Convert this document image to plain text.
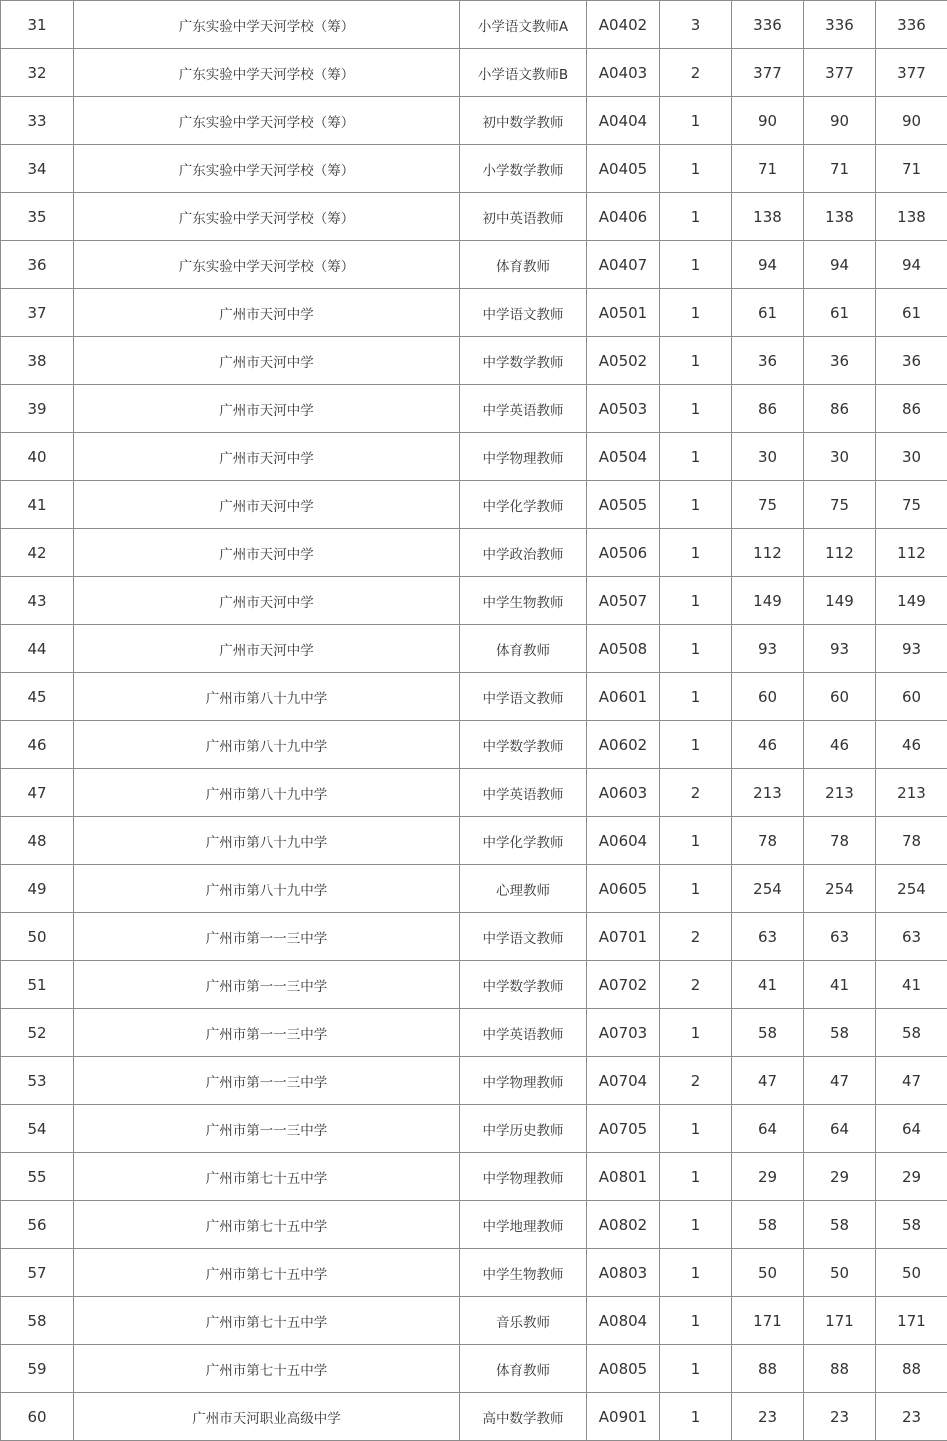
31	广东实验中学天河学校（筹）	小学语文教师A	A0402	3	336	336	336
32	广东实验中学天河学校（筹）	小学语文教师B	A0403	2	377	377	377
33	广东实验中学天河学校（筹）	初中数学教师	A0404	1	90	90	90
34	广东实验中学天河学校（筹）	小学数学教师	A0405	1	71	71	71
35	广东实验中学天河学校（筹）	初中英语教师	A0406	1	138	138	138
36	广东实验中学天河学校（筹）	体育教师	A0407	1	94	94	94
37	广州市天河中学	中学语文教师	A0501	1	61	61	61
38	广州市天河中学	中学数学教师	A0502	1	36	36	36
39	广州市天河中学	中学英语教师	A0503	1	86	86	86
40	广州市天河中学	中学物理教师	A0504	1	30	30	30
41	广州市天河中学	中学化学教师	A0505	1	75	75	75
42	广州市天河中学	中学政治教师	A0506	1	112	112	112
43	广州市天河中学	中学生物教师	A0507	1	149	149	149
44	广州市天河中学	体育教师	A0508	1	93	93	93
45	广州市第八十九中学	中学语文教师	A0601	1	60	60	60
46	广州市第八十九中学	中学数学教师	A0602	1	46	46	46
47	广州市第八十九中学	中学英语教师	A0603	2	213	213	213
48	广州市第八十九中学	中学化学教师	A0604	1	78	78	78
49	广州市第八十九中学	心理教师	A0605	1	254	254	254
50	广州市第一一三中学	中学语文教师	A0701	2	63	63	63
51	广州市第一一三中学	中学数学教师	A0702	2	41	41	41
52	广州市第一一三中学	中学英语教师	A0703	1	58	58	58
53	广州市第一一三中学	中学物理教师	A0704	2	47	47	47
54	广州市第一一三中学	中学历史教师	A0705	1	64	64	64
55	广州市第七十五中学	中学物理教师	A0801	1	29	29	29
56	广州市第七十五中学	中学地理教师	A0802	1	58	58	58
57	广州市第七十五中学	中学生物教师	A0803	1	50	50	50
58	广州市第七十五中学	音乐教师	A0804	1	171	171	171
59	广州市第七十五中学	体育教师	A0805	1	88	88	88
60	广州市天河职业高级中学	高中数学教师	A0901	1	23	23	23
